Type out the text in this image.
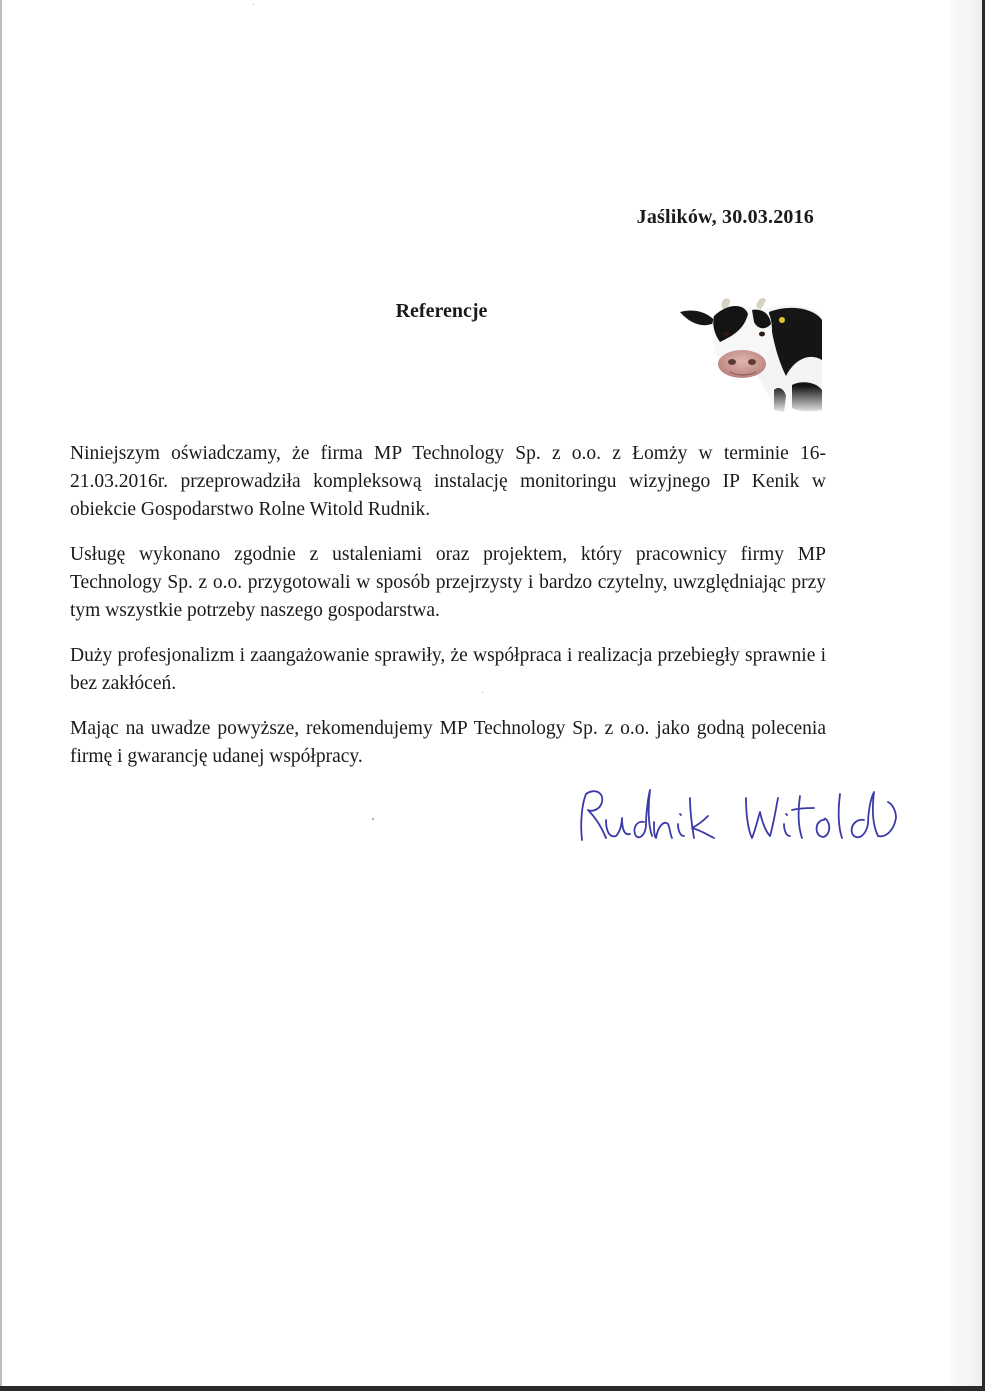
Jaślików, 30.03.2016
Referencje

Niniejszym oświadczamy, że firma MP Technology Sp. z o.o. z Łomży w terminie 16-21.03.2016r. przeprowadziła kompleksową instalację monitoringu wizyjnego IP Kenik w obiekcie Gospodarstwo Rolne Witold Rudnik.

Usługę wykonano zgodnie z ustaleniami oraz projektem, który pracownicy firmy MP Technology Sp. z o.o. przygotowali w sposób przejrzysty i bardzo czytelny, uwzględniając przy tym wszystkie potrzeby naszego gospodarstwa.

Duży profesjonalizm i zaangażowanie sprawiły, że współpraca i realizacja przebiegły sprawnie i bez zakłóceń.

Mając na uwadze powyższe, rekomendujemy MP Technology Sp. z o.o. jako godną polecenia firmę i gwarancję udanej współpracy.
